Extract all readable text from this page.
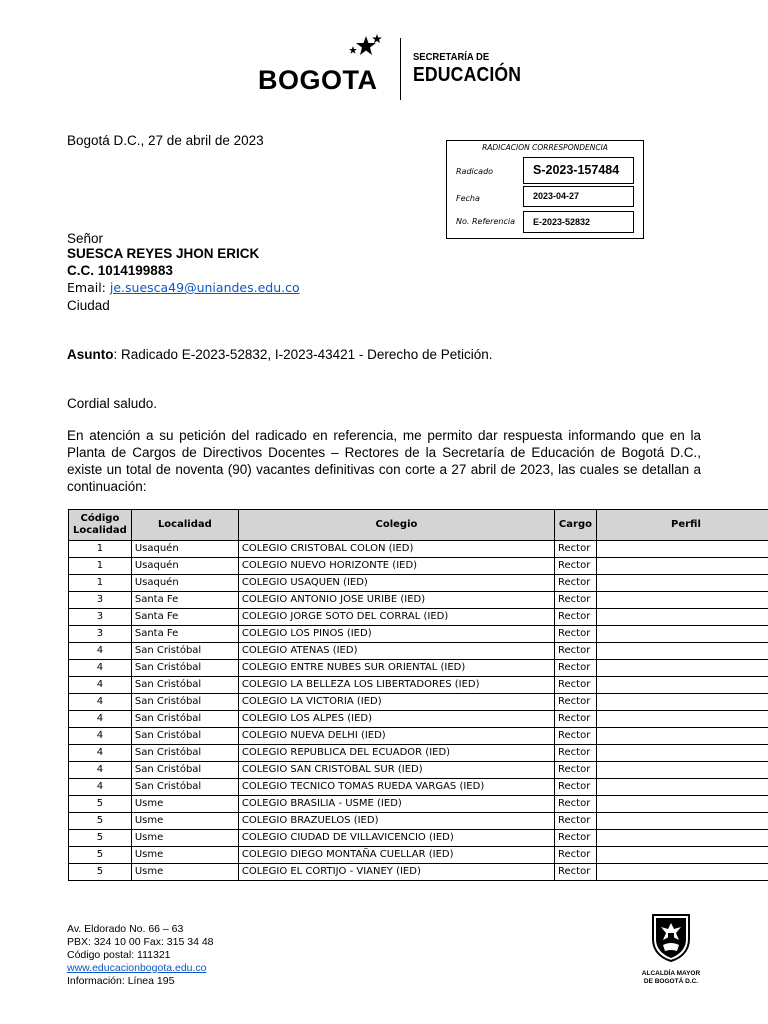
BOGOTA
SECRETARÍA DE
EDUCACIÓN
Bogotá D.C., 27 de abril de 2023	RADICACION CORRESPONDENCIA
Radicado	S-2023-157484
Fecha	2023-04-27
No. Referencia	E-2023-52832
Señor
SUESCA REYES JHON ERICK
C.C. 1014199883
Email: je.suesca49@uniandes.edu.co
Ciudad
Asunto: Radicado E-2023-52832, I-2023-43421 - Derecho de Petición.
Cordial saludo.
En atención a su petición del radicado en referencia, me permito dar respuesta informando que en la Planta de Cargos de Directivos Docentes – Rectores de la Secretaría de Educación de Bogotá D.C., existe un total de noventa (90) vacantes definitivas con corte a 27 abril de 2023, las cuales se detallan a continuación:
Código Localidad	Localidad	Colegio	Cargo	Perfil
1	Usaquén	COLEGIO CRISTOBAL COLON (IED)	Rector	
1	Usaquén	COLEGIO NUEVO HORIZONTE (IED)	Rector	
1	Usaquén	COLEGIO USAQUEN (IED)	Rector	
3	Santa Fe	COLEGIO ANTONIO JOSE URIBE (IED)	Rector	
3	Santa Fe	COLEGIO JORGE SOTO DEL CORRAL (IED)	Rector	
3	Santa Fe	COLEGIO LOS PINOS (IED)	Rector	
4	San Cristóbal	COLEGIO ATENAS (IED)	Rector	
4	San Cristóbal	COLEGIO ENTRE NUBES SUR ORIENTAL (IED)	Rector	
4	San Cristóbal	COLEGIO LA BELLEZA LOS LIBERTADORES (IED)	Rector	
4	San Cristóbal	COLEGIO LA VICTORIA (IED)	Rector	
4	San Cristóbal	COLEGIO LOS ALPES (IED)	Rector	
4	San Cristóbal	COLEGIO NUEVA DELHI (IED)	Rector	
4	San Cristóbal	COLEGIO REPUBLICA DEL ECUADOR (IED)	Rector	
4	San Cristóbal	COLEGIO SAN CRISTOBAL SUR (IED)	Rector	
4	San Cristóbal	COLEGIO TECNICO TOMAS RUEDA VARGAS (IED)	Rector	
5	Usme	COLEGIO BRASILIA - USME (IED)	Rector	
5	Usme	COLEGIO BRAZUELOS (IED)	Rector	
5	Usme	COLEGIO CIUDAD DE VILLAVICENCIO (IED)	Rector	
5	Usme	COLEGIO DIEGO MONTAÑA CUELLAR (IED)	Rector	
5	Usme	COLEGIO EL CORTIJO - VIANEY (IED)	Rector	
Av. Eldorado No. 66 – 63
PBX: 324 10 00 Fax: 315 34 48
Código postal: 111321
www.educacionbogota.edu.co
Información: Línea 195
ALCALDÍA MAYOR
DE BOGOTÁ D.C.
